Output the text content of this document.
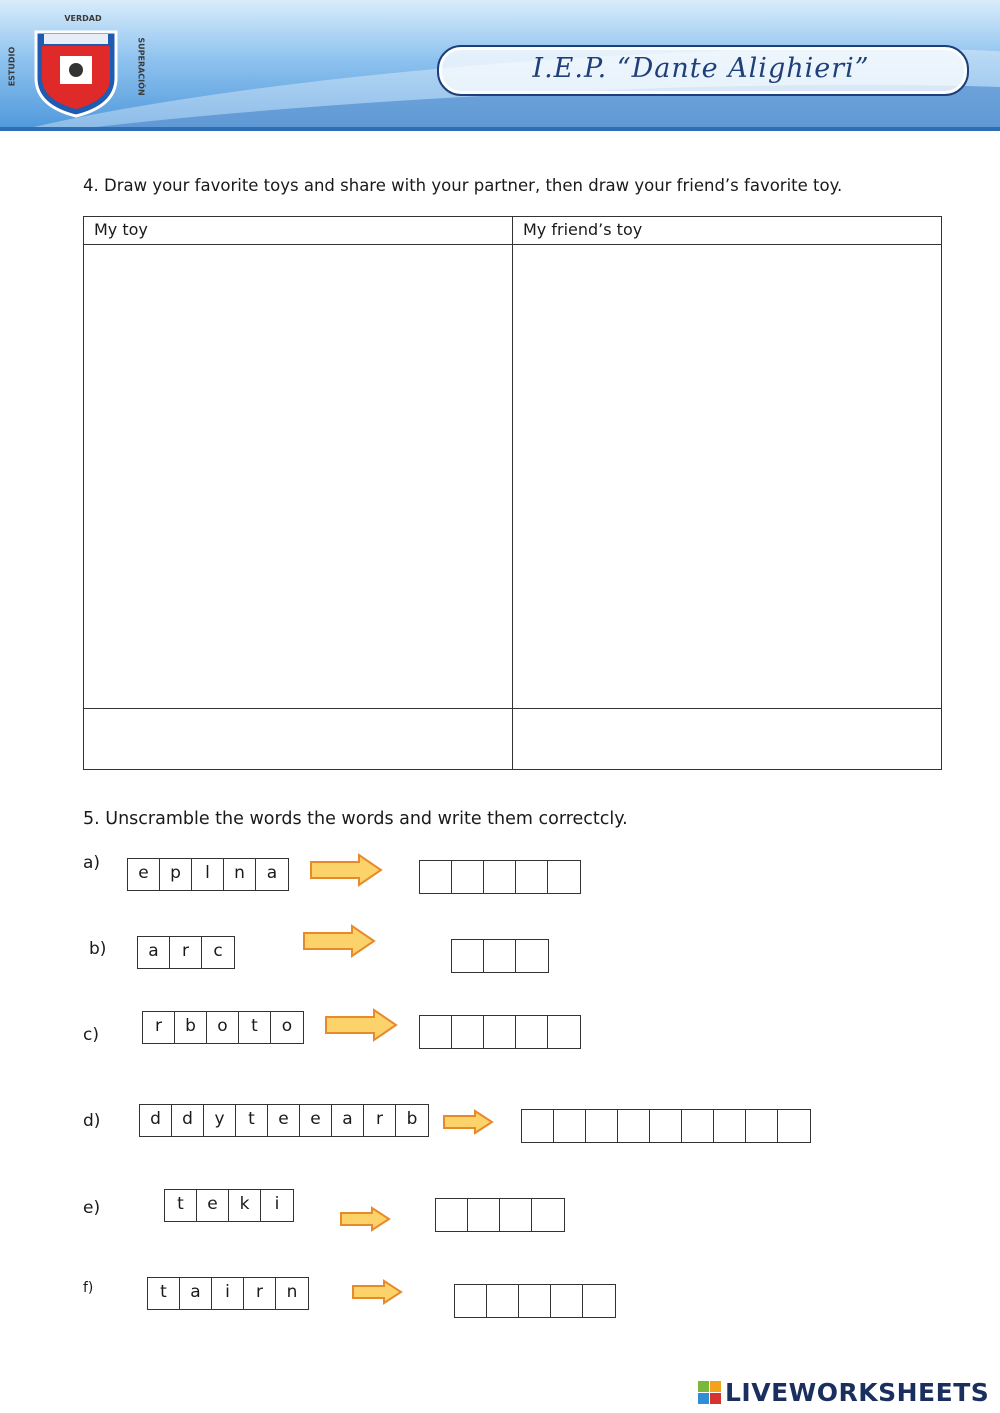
VERDAD
ESTUDIO	SUPERACIÓN	I.E.P. “Dante Alighieri”
4. Draw your favorite toys and share with your partner, then draw your friend’s favorite toy.
My toy	My friend’s toy
5. Unscramble the words the words and write them correctcly.
a)	e	p	l	n	a
b)	a	r	c
c)	r	b	o	t	o
d)	d	d	y	t	e	e	a	r	b
e)	t	e	k	i
f)	t	a	i	r	n
LIVEWORKSHEETS
